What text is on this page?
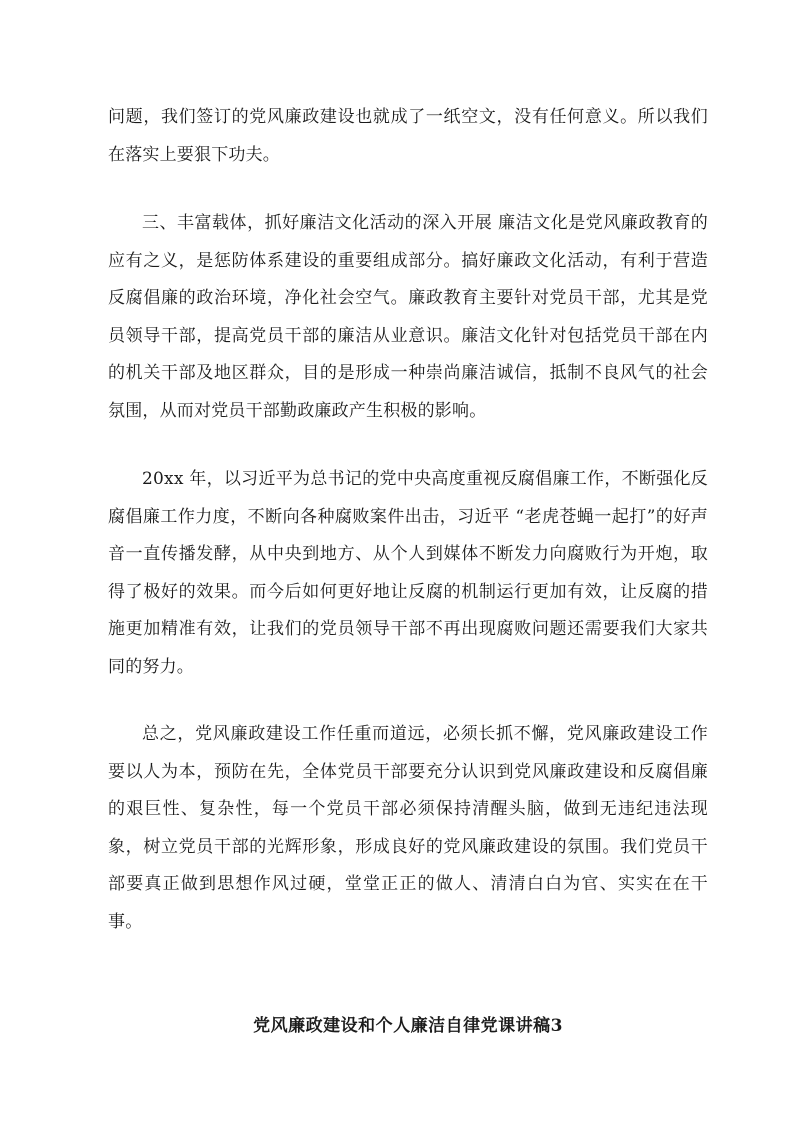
问题，我们签订的党风廉政建设也就成了一纸空文，没有任何意义。所以我们在落实上要狠下功夫。

三、丰富载体，抓好廉洁文化活动的深入开展 廉洁文化是党风廉政教育的应有之义，是惩防体系建设的重要组成部分。搞好廉政文化活动，有利于营造反腐倡廉的政治环境，净化社会空气。廉政教育主要针对党员干部，尤其是党员领导干部，提高党员干部的廉洁从业意识。廉洁文化针对包括党员干部在内的机关干部及地区群众，目的是形成一种崇尚廉洁诚信，抵制不良风气的社会氛围，从而对党员干部勤政廉政产生积极的影响。

20xx 年，以习近平为总书记的党中央高度重视反腐倡廉工作，不断强化反腐倡廉工作力度，不断向各种腐败案件出击，习近平 “老虎苍蝇一起打”的好声音一直传播发酵，从中央到地方、从个人到媒体不断发力向腐败行为开炮，取得了极好的效果。而今后如何更好地让反腐的机制运行更加有效，让反腐的措施更加精准有效，让我们的党员领导干部不再出现腐败问题还需要我们大家共同的努力。

总之，党风廉政建设工作任重而道远，必须长抓不懈，党风廉政建设工作要以人为本，预防在先，全体党员干部要充分认识到党风廉政建设和反腐倡廉的艰巨性、复杂性，每一个党员干部必须保持清醒头脑，做到无违纪违法现象，树立党员干部的光辉形象，形成良好的党风廉政建设的氛围。我们党员干部要真正做到思想作风过硬，堂堂正正的做人、清清白白为官、实实在在干事。

党风廉政建设和个人廉洁自律党课讲稿3
